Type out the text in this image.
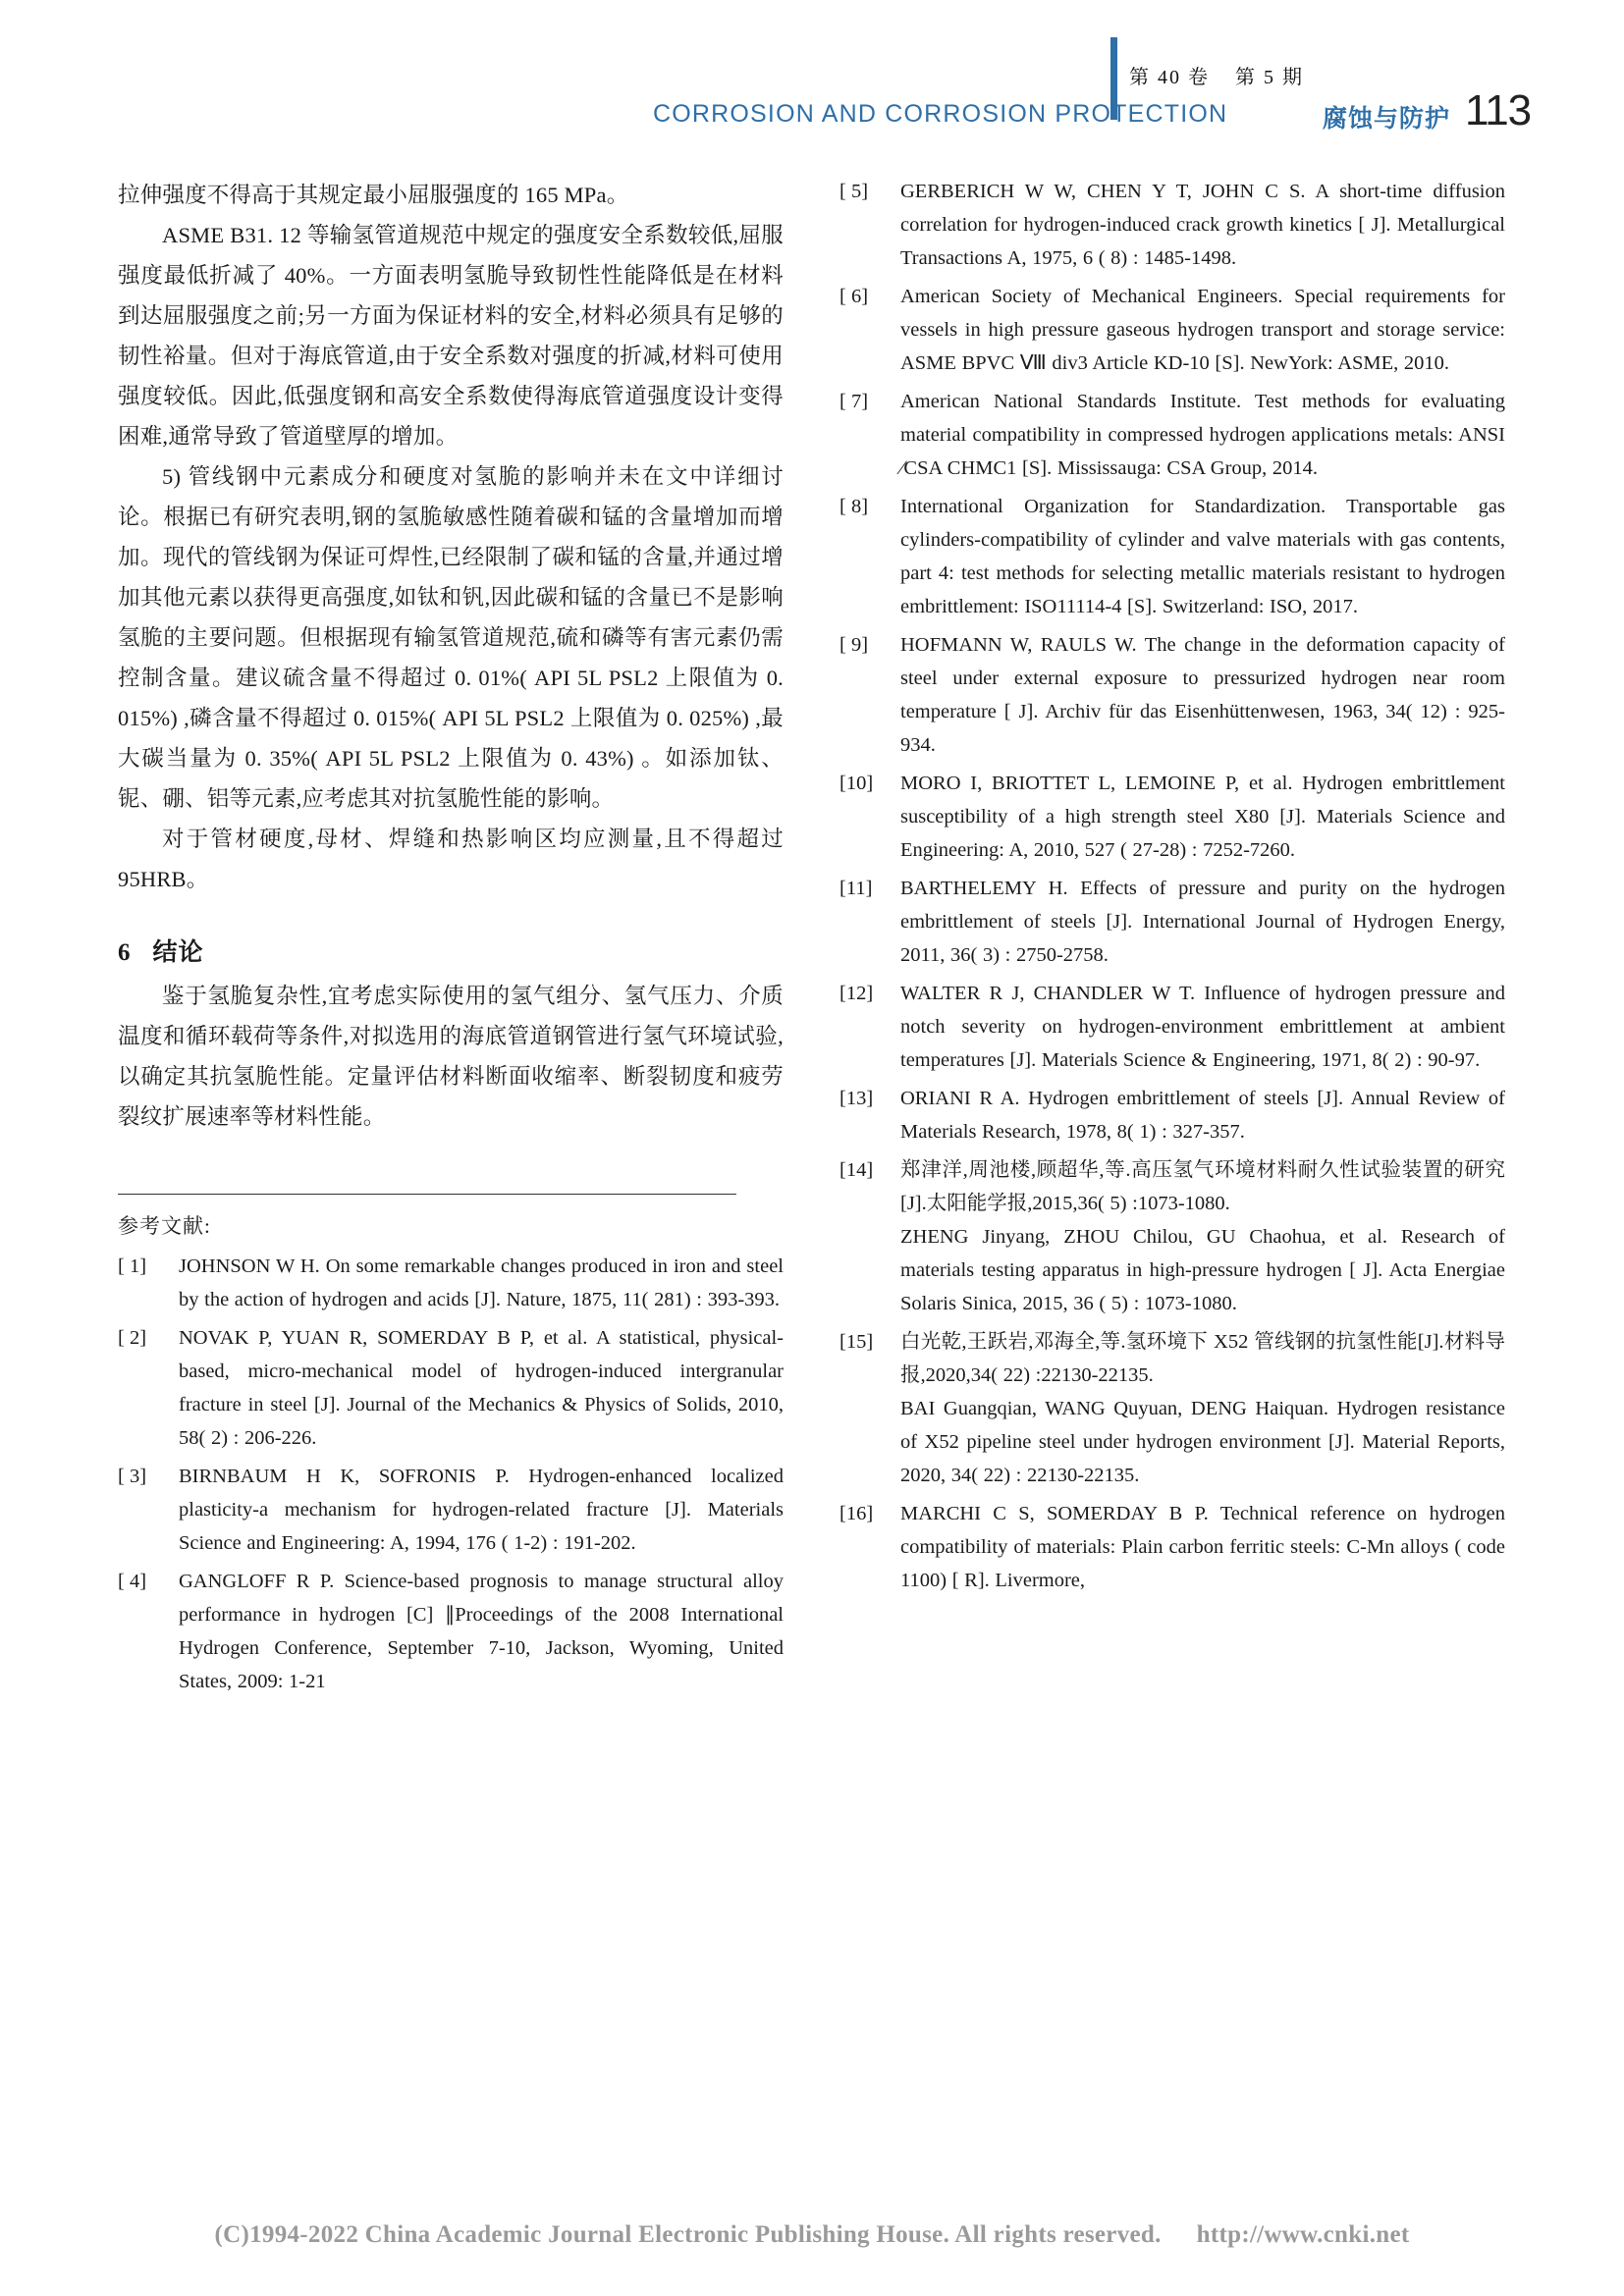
第 40 卷 第 5 期
CORROSION AND CORROSION PROTECTION	腐蚀与防护 113

拉伸强度不得高于其规定最小屈服强度的 165 MPa。

ASME B31. 12 等输氢管道规范中规定的强度安全系数较低,屈服强度最低折减了 40%。一方面表明氢脆导致韧性性能降低是在材料到达屈服强度之前;另一方面为保证材料的安全,材料必须具有足够的韧性裕量。但对于海底管道,由于安全系数对强度的折减,材料可使用强度较低。因此,低强度钢和高安全系数使得海底管道强度设计变得困难,通常导致了管道壁厚的增加。

5) 管线钢中元素成分和硬度对氢脆的影响并未在文中详细讨论。根据已有研究表明,钢的氢脆敏感性随着碳和锰的含量增加而增加。现代的管线钢为保证可焊性,已经限制了碳和锰的含量,并通过增加其他元素以获得更高强度,如钛和钒,因此碳和锰的含量已不是影响氢脆的主要问题。但根据现有输氢管道规范,硫和磷等有害元素仍需控制含量。建议硫含量不得超过 0. 01%( API 5L PSL2 上限值为 0. 015%) ,磷含量不得超过 0. 015%( API 5L PSL2 上限值为 0. 025%) ,最大碳当量为 0. 35%( API 5L PSL2 上限值为 0. 43%) 。如添加钛、铌、硼、铝等元素,应考虑其对抗氢脆性能的影响。

对于管材硬度,母材、焊缝和热影响区均应测量,且不得超过 95HRB。

6 结论

鉴于氢脆复杂性,宜考虑实际使用的氢气组分、氢气压力、介质温度和循环载荷等条件,对拟选用的海底管道钢管进行氢气环境试验,以确定其抗氢脆性能。定量评估材料断面收缩率、断裂韧度和疲劳裂纹扩展速率等材料性能。

参考文献:
[ 1]	JOHNSON W H. On some remarkable changes produced in iron and steel by the action of hydrogen and acids [J]. Nature, 1875, 11( 281) : 393-393.
[ 2]	NOVAK P, YUAN R, SOMERDAY B P, et al. A statistical, physical-based, micro-mechanical model of hydrogen-induced intergranular fracture in steel [J]. Journal of the Mechanics & Physics of Solids, 2010, 58( 2) : 206-226.
[ 3]	BIRNBAUM H K, SOFRONIS P. Hydrogen-enhanced localized plasticity-a mechanism for hydrogen-related fracture [J]. Materials Science and Engineering: A, 1994, 176 ( 1-2) : 191-202.
[ 4]	GANGLOFF R P. Science-based prognosis to manage structural alloy performance in hydrogen [C] ∥Proceedings of the 2008 International Hydrogen Conference, September 7-10, Jackson, Wyoming, United States, 2009: 1-21
[ 5]	GERBERICH W W, CHEN Y T, JOHN C S. A short-time diffusion correlation for hydrogen-induced crack growth kinetics [ J]. Metallurgical Transactions A, 1975, 6 ( 8) : 1485-1498.
[ 6]	American Society of Mechanical Engineers. Special requirements for vessels in high pressure gaseous hydrogen transport and storage service: ASME BPVC Ⅷ div3 Article KD-10 [S]. NewYork: ASME, 2010.
[ 7]	American National Standards Institute. Test methods for evaluating material compatibility in compressed hydrogen applications metals: ANSI ∕CSA CHMC1 [S]. Mississauga: CSA Group, 2014.
[ 8]	International Organization for Standardization. Transportable gas cylinders-compatibility of cylinder and valve materials with gas contents, part 4: test methods for selecting metallic materials resistant to hydrogen embrittlement: ISO11114-4 [S]. Switzerland: ISO, 2017.
[ 9]	HOFMANN W, RAULS W. The change in the deformation capacity of steel under external exposure to pressurized hydrogen near room temperature [ J]. Archiv für das Eisenhüttenwesen, 1963, 34( 12) : 925-934.
[10]	MORO I, BRIOTTET L, LEMOINE P, et al. Hydrogen embrittlement susceptibility of a high strength steel X80 [J]. Materials Science and Engineering: A, 2010, 527 ( 27-28) : 7252-7260.
[11]	BARTHELEMY H. Effects of pressure and purity on the hydrogen embrittlement of steels [J]. International Journal of Hydrogen Energy, 2011, 36( 3) : 2750-2758.
[12]	WALTER R J, CHANDLER W T. Influence of hydrogen pressure and notch severity on hydrogen-environment embrittlement at ambient temperatures [J]. Materials Science & Engineering, 1971, 8( 2) : 90-97.
[13]	ORIANI R A. Hydrogen embrittlement of steels [J]. Annual Review of Materials Research, 1978, 8( 1) : 327-357.
[14]	郑津洋,周池楼,顾超华,等.高压氢气环境材料耐久性试验装置的研究[J].太阳能学报,2015,36( 5) :1073-1080.
ZHENG Jinyang, ZHOU Chilou, GU Chaohua, et al. Research of materials testing apparatus in high-pressure hydrogen [ J]. Acta Energiae Solaris Sinica, 2015, 36 ( 5) : 1073-1080.
[15]	白光乾,王跃岩,邓海全,等.氢环境下 X52 管线钢的抗氢性能[J].材料导报,2020,34( 22) :22130-22135.
BAI Guangqian, WANG Quyuan, DENG Haiquan. Hydrogen resistance of X52 pipeline steel under hydrogen environment [J]. Material Reports, 2020, 34( 22) : 22130-22135.
[16]	MARCHI C S, SOMERDAY B P. Technical reference on hydrogen compatibility of materials: Plain carbon ferritic steels: C-Mn alloys ( code 1100) [ R]. Livermore,
(C)1994-2022 China Academic Journal Electronic Publishing House. All rights reserved. http://www.cnki.net
